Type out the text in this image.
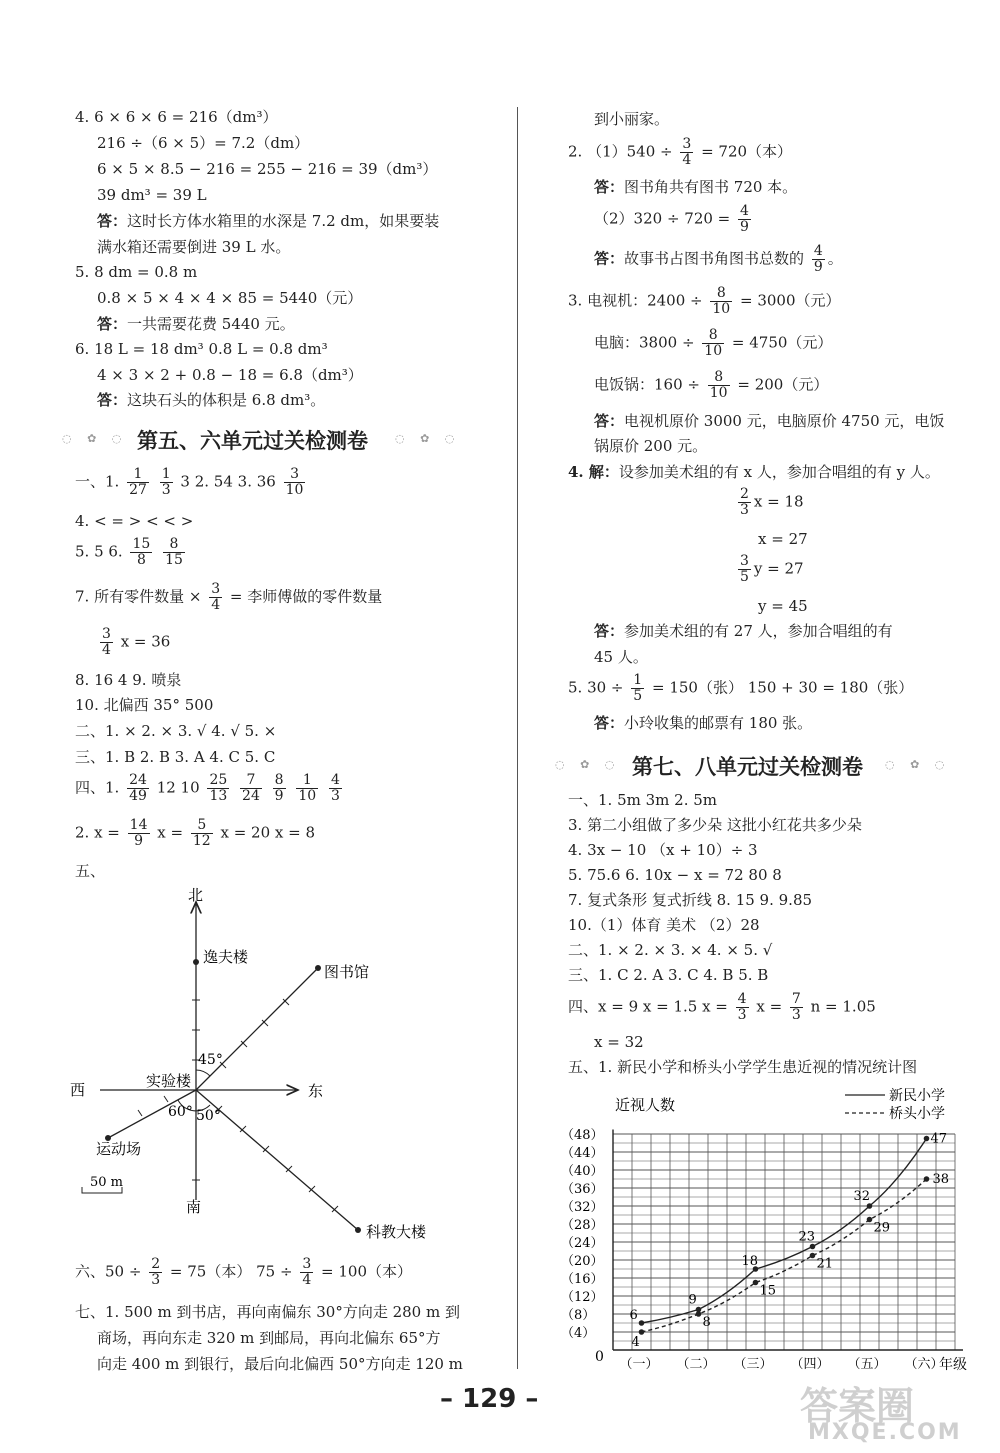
4. 6 × 6 × 6 = 216（dm³）
216 ÷（6 × 5）= 7.2（dm）
6 × 5 × 8.5 − 216 = 255 − 216 = 39（dm³）
39 dm³ = 39 L
答：这时长方体水箱里的水深是 7.2 dm，如果要装
满水箱还需要倒进 39 L 水。
5. 8 dm = 0.8 m
0.8 × 5 × 4 × 4 × 85 = 5440（元）
答：一共需要花费 5440 元。
6. 18 L = 18 dm³ 0.8 L = 0.8 dm³
4 × 3 × 2 + 0.8 − 18 = 6.8（dm³）
答：这块石头的体积是 6.8 dm³。
◌ ✿ ◌ 第五、六单元过关检测卷 ◌ ✿ ◌
一、1. $\frac{1}{27}$
$\frac{1}{3} 3$ 2. 54 3. $36 \frac{3}{10}$
4. < = > < < >
5. 5 6. $\frac{15}{8}$
$\frac{8}{15}$
7. 所有零件数量 × $\frac{3}{4}$ = 李师傅做的零件数量
$\frac{3}{4}$ x = 36
8. 16 4 9. 喷泉
10. 北偏西 35° 500
二、1. × 2. × 3. √ 4. √ 5. ×
三、1. B 2. B 3. A 4. C 5. C
四、1. $\frac{24}{49} 12$ $10 \frac{25}{13}$
$\frac{7}{24}$
$\frac{8}{9}$
$\frac{1}{10}$
$\frac{4}{3}$
2. $x = \frac{14}{9}$ $x = \frac{5}{12}$ x = 20 x = 8
五、
北
南
东
西
逸夫楼
图书馆
实验楼
运动场
科教大楼
45°
60° 50°
50 m
六、$50 \div \frac{2}{3} = 75$（本） $75 \div \frac{3}{4} = 100$（本）
七、1. 500 m 到书店，再向南偏东 30°方向走 280 m 到
商场，再向东走 320 m 到邮局，再向北偏东 65°方
向走 400 m 到银行，最后向北偏西 50°方向走 120 m
到小丽家。
2. $(1)540 \div \frac{3}{4} = 720$（本）
答：图书角共有图书 720 本。
$(2)320 \div 720 = \frac{4}{9}$
答：故事书占图书角图书总数的 $\frac{4}{9}$ 。
3. 电视机：$2400 \div \frac{8}{10} = 3000$（元）
电脑：$3800 \div \frac{8}{10} = 4750$（元）
电饭锅：$160 \div \frac{8}{10} = 200$（元）
答：电视机原价 3000 元，电脑原价 4750 元，电饭
锅原价 200 元。
4. 解：设参加美术组的有 x 人，参加合唱组的有 y 人。
$\frac{2}{3}$ x = 18
x = 27
$\frac{3}{5}$ y = 27
y = 45
答：参加美术组的有 27 人，参加合唱组的有
45 人。
5. $30 \div \frac{1}{5} = 150$（张） 150 + 30 = 180（张）
答：小玲收集的邮票有 180 张。
◌ ✿ ◌ 第七、八单元过关检测卷 ◌ ✿ ◌
一、1. 5m 3m 2. 5m
3. 第二小组做了多少朵 这批小红花共多少朵
4. 3x − 10 （x + 10）÷ 3
5. 75.6 6. 10x − x = 72 80 8
7. 复式条形 复式折线 8. 15 9. 9.85
10.（1）体育 美术 （2）28
二、1. × 2. × 3. × 4. × 5. √
三、1. C 2. A 3. C 4. B 5. B
四、x = 9 x = 1.5 $x = \frac{4}{3}$ $x = \frac{7}{3}$ n = 1.05
x = 32
五、1. 新民小学和桥头小学学生患近视的情况统计图
近视人数	新民小学
桥头小学
（4）
（8）
（12）
（16）
（20）
（24）
（28）
（32）
（36）
（40）
（44）
（48）
（一） （二） （三） （四） （五） （六）
6
9
18
23
32
47
4
8
15
21
29
38
0	年级
– 129 –	答案圈
MXQE.COM
